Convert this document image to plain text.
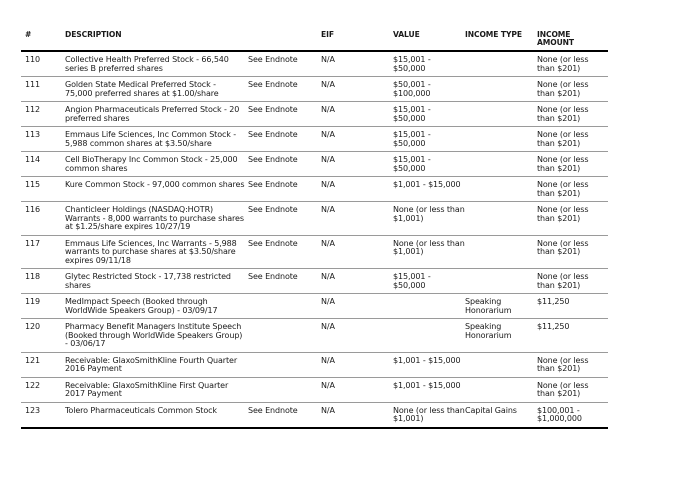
#	DESCRIPTION		EIF	VALUE	INCOME TYPE	INCOME AMOUNT
110	Collective Health Preferred Stock - 66,540 series B preferred shares	See Endnote	N/A	$15,001 - $50,000		None (or less than $201)
111	Golden State Medical Preferred Stock - 75,000 preferred shares at $1.00/share	See Endnote	N/A	$50,001 - $100,000		None (or less than $201)
112	Angion Pharmaceuticals Preferred Stock - 20 preferred shares	See Endnote	N/A	$15,001 - $50,000		None (or less than $201)
113	Emmaus Life Sciences, Inc Common Stock - 5,988 common shares at $3.50/share	See Endnote	N/A	$15,001 - $50,000		None (or less than $201)
114	Cell BioTherapy Inc Common Stock - 25,000 common shares	See Endnote	N/A	$15,001 - $50,000		None (or less than $201)
115	Kure Common Stock - 97,000 common shares	See Endnote	N/A	$1,001 - $15,000		None (or less than $201)
116	Chanticleer Holdings (NASDAQ:HOTR) Warrants - 8,000 warrants to purchase shares at $1.25/share expires 10/27/19	See Endnote	N/A	None (or less than $1,001)		None (or less than $201)
117	Emmaus Life Sciences, Inc Warrants - 5,988 warrants to purchase shares at $3.50/share expires 09/11/18	See Endnote	N/A	None (or less than $1,001)		None (or less than $201)
118	Glytec Restricted Stock - 17,738 restricted shares	See Endnote	N/A	$15,001 - $50,000		None (or less than $201)
119	MedImpact Speech (Booked through WorldWide Speakers Group) - 03/09/17		N/A		Speaking Honorarium	$11,250
120	Pharmacy Benefit Managers Institute Speech (Booked through WorldWide Speakers Group) - 03/06/17		N/A		Speaking Honorarium	$11,250
121	Receivable: GlaxoSmithKline Fourth Quarter 2016 Payment		N/A	$1,001 - $15,000		None (or less than $201)
122	Receivable: GlaxoSmithKline First Quarter 2017 Payment		N/A	$1,001 - $15,000		None (or less than $201)
123	Tolero Pharmaceuticals Common Stock	See Endnote	N/A	None (or less than $1,001)	Capital Gains	$100,001 - $1,000,000
